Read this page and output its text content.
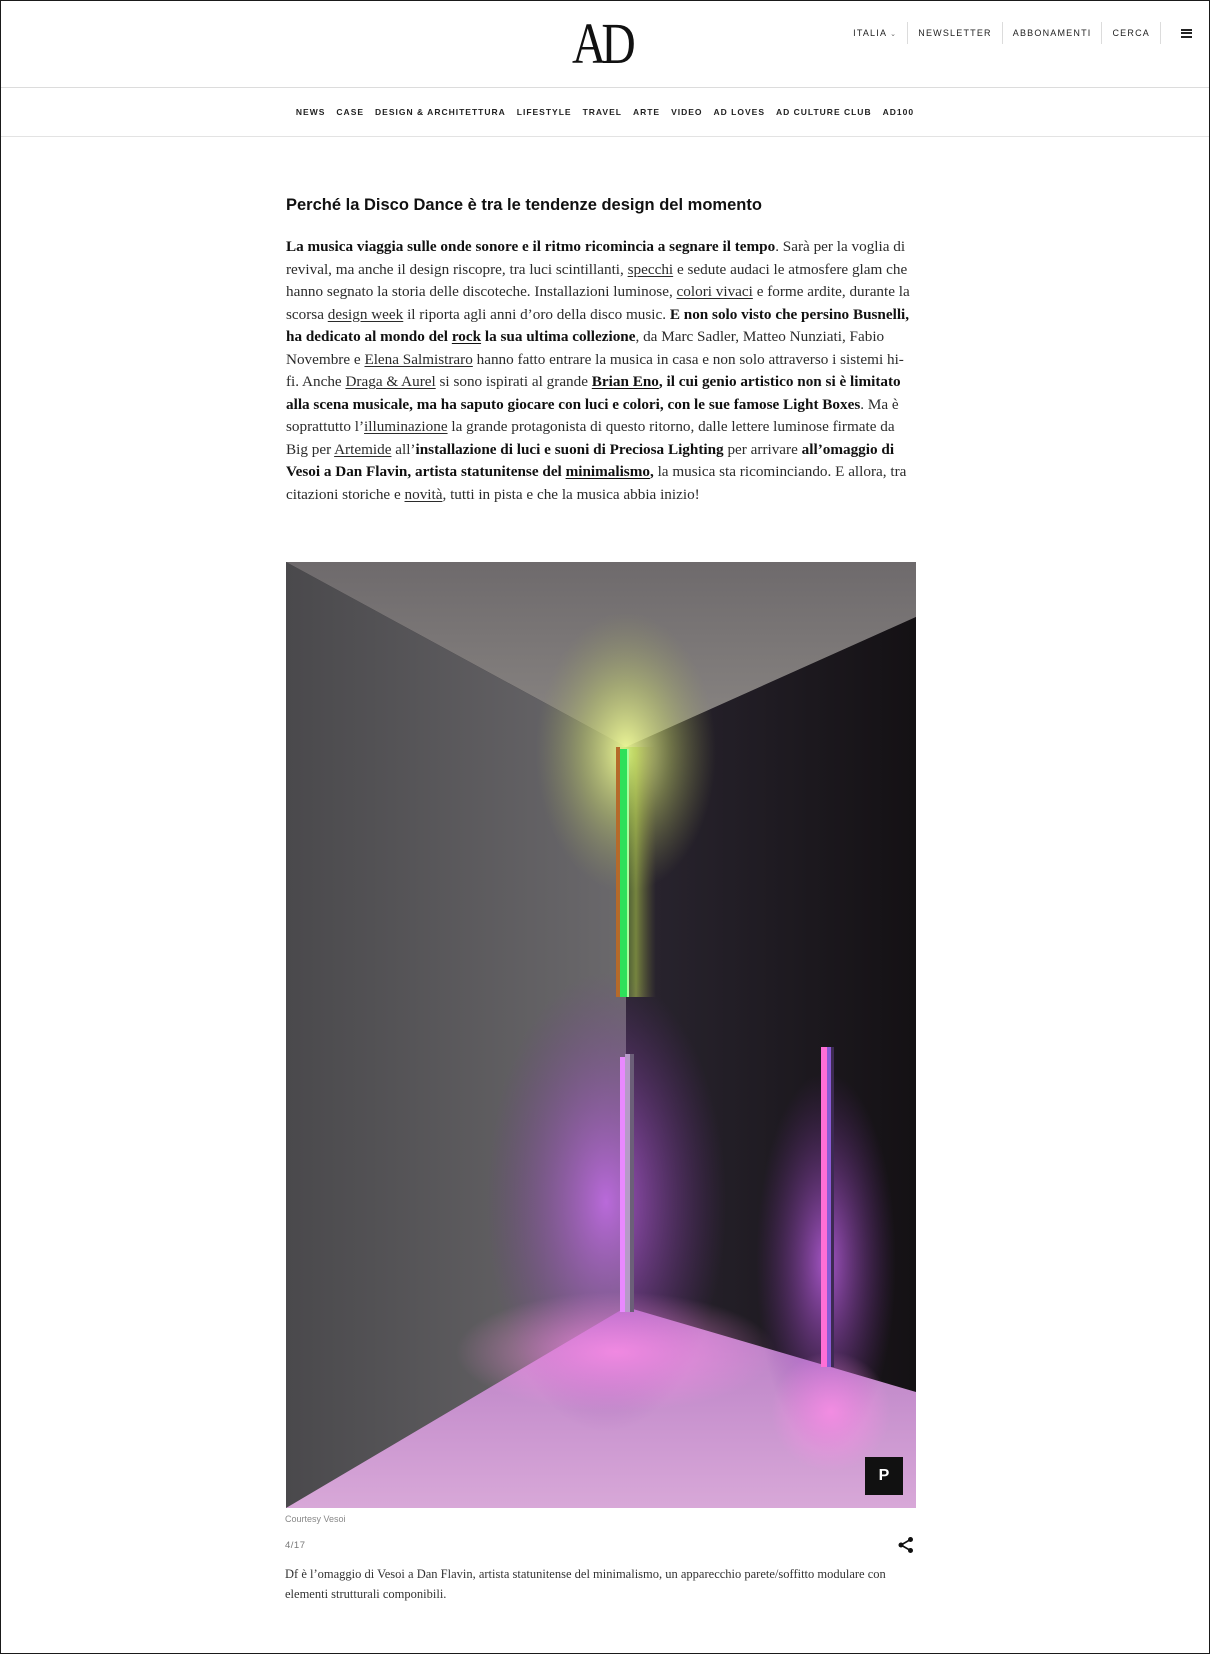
AD	ITALIA ⌄	NEWSLETTER	ABBONAMENTI	CERCA
NEWS CASE DESIGN & ARCHITETTURA LIFESTYLE TRAVEL ARTE VIDEO AD LOVES AD CULTURE CLUB AD100
Perché la Disco Dance è tra le tendenze design del momento

La musica viaggia sulle onde sonore e il ritmo ricomincia a segnare il tempo. Sarà per la voglia di revival, ma anche il design riscopre, tra luci scintillanti, specchi e sedute audaci le atmosfere glam che hanno segnato la storia delle discoteche. Installazioni luminose, colori vivaci e forme ardite, durante la scorsa design week il riporta agli anni d’oro della disco music. E non solo visto che persino Busnelli, ha dedicato al mondo del rock la sua ultima collezione, da Marc Sadler, Matteo Nunziati, Fabio Novembre e Elena Salmistraro hanno fatto entrare la musica in casa e non solo attraverso i sistemi hi-fi. Anche Draga & Aurel si sono ispirati al grande Brian Eno, il cui genio artistico non si è limitato alla scena musicale, ma ha saputo giocare con luci e colori, con le sue famose Light Boxes. Ma è soprattutto l’illuminazione la grande protagonista di questo ritorno, dalle lettere luminose firmate da Big per Artemide all’installazione di luci e suoni di Preciosa Lighting per arrivare all’omaggio di Vesoi a Dan Flavin, artista statunitense del minimalismo, la musica sta ricominciando. E allora, tra citazioni storiche e novità, tutti in pista e che la musica abbia inizio!

P
Courtesy Vesoi
4/17

Df è l’omaggio di Vesoi a Dan Flavin, artista statunitense del minimalismo, un apparecchio parete/soffitto modulare con elementi strutturali componibili.
